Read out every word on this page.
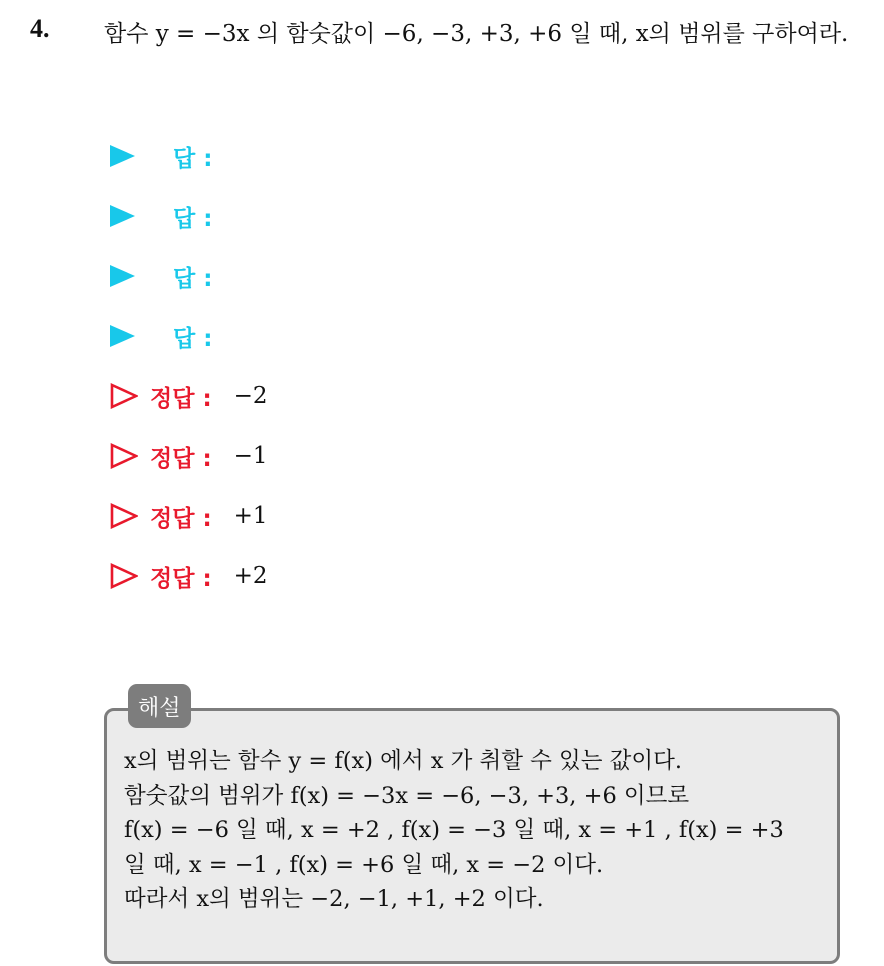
4. 함수 y = −3x 의 함숫값이 −6, −3, +3, +6 일 때, x의 범위를 구하여라.
답 :
답 :
답 :
답 :
정답 : −2
정답 : −1
정답 : +1
정답 : +2
해설
x의 범위는 함수 y = f(x) 에서 x 가 취할 수 있는 값이다.
함숫값의 범위가 f(x) = −3x = −6, −3, +3, +6 이므로
f(x) = −6 일 때, x = +2 , f(x) = −3 일 때, x = +1 , f(x) = +3
일 때, x = −1 , f(x) = +6 일 때, x = −2 이다.
따라서 x의 범위는 −2, −1, +1, +2 이다.
